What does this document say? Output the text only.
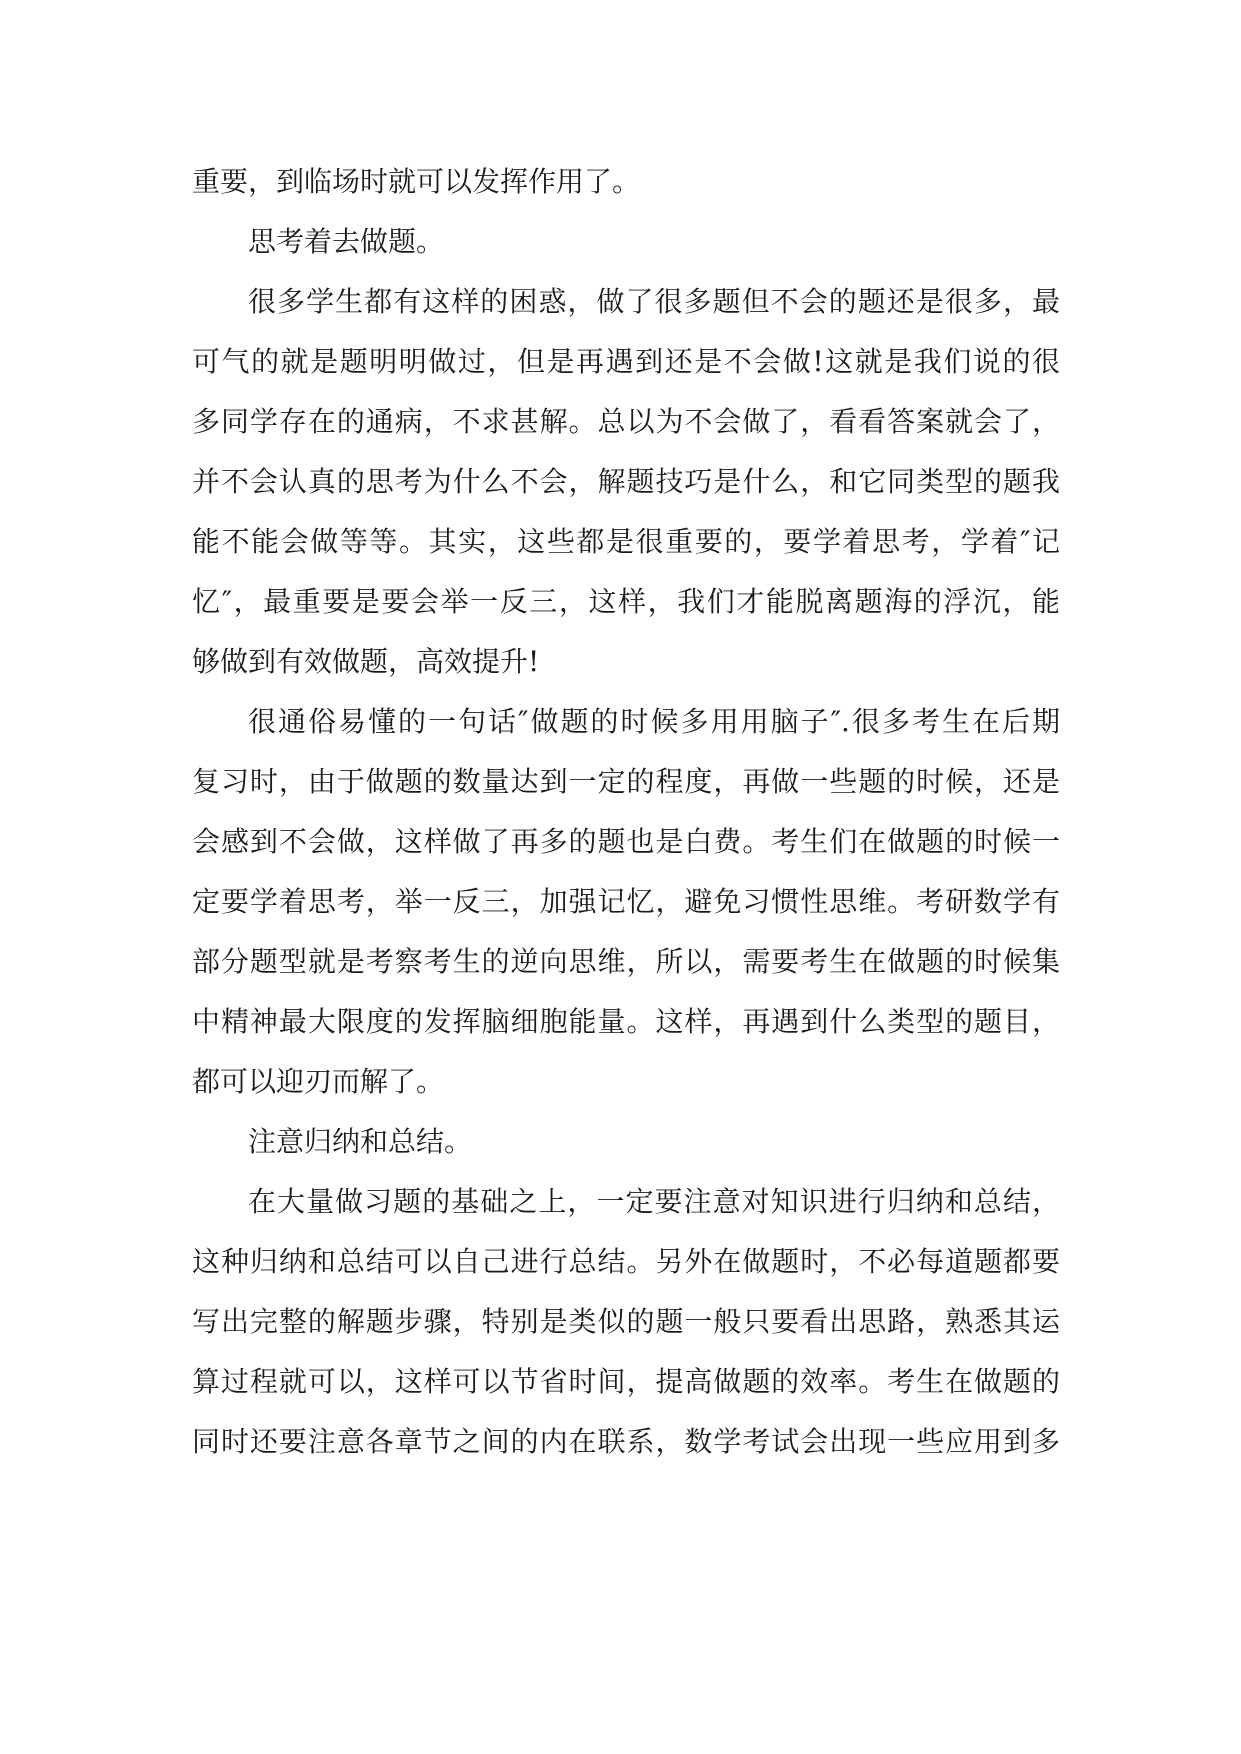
重要，到临场时就可以发挥作用了。
思考着去做题。
很多学生都有这样的困惑，做了很多题但不会的题还是很多，最
可气的就是题明明做过，但是再遇到还是不会做!这就是我们说的很
多同学存在的通病，不求甚解。总以为不会做了，看看答案就会了，
并不会认真的思考为什么不会，解题技巧是什么，和它同类型的题我
能不能会做等等。其实，这些都是很重要的，要学着思考，学着″记
忆″，最重要是要会举一反三，这样，我们才能脱离题海的浮沉，能
够做到有效做题，高效提升!
很通俗易懂的一句话″做题的时候多用用脑子″.很多考生在后期
复习时，由于做题的数量达到一定的程度，再做一些题的时候，还是
会感到不会做，这样做了再多的题也是白费。考生们在做题的时候一
定要学着思考，举一反三，加强记忆，避免习惯性思维。考研数学有
部分题型就是考察考生的逆向思维，所以，需要考生在做题的时候集
中精神最大限度的发挥脑细胞能量。这样，再遇到什么类型的题目，
都可以迎刃而解了。
注意归纳和总结。
在大量做习题的基础之上，一定要注意对知识进行归纳和总结，
这种归纳和总结可以自己进行总结。另外在做题时，不必每道题都要
写出完整的解题步骤，特别是类似的题一般只要看出思路，熟悉其运
算过程就可以，这样可以节省时间，提高做题的效率。考生在做题的
同时还要注意各章节之间的内在联系，数学考试会出现一些应用到多
